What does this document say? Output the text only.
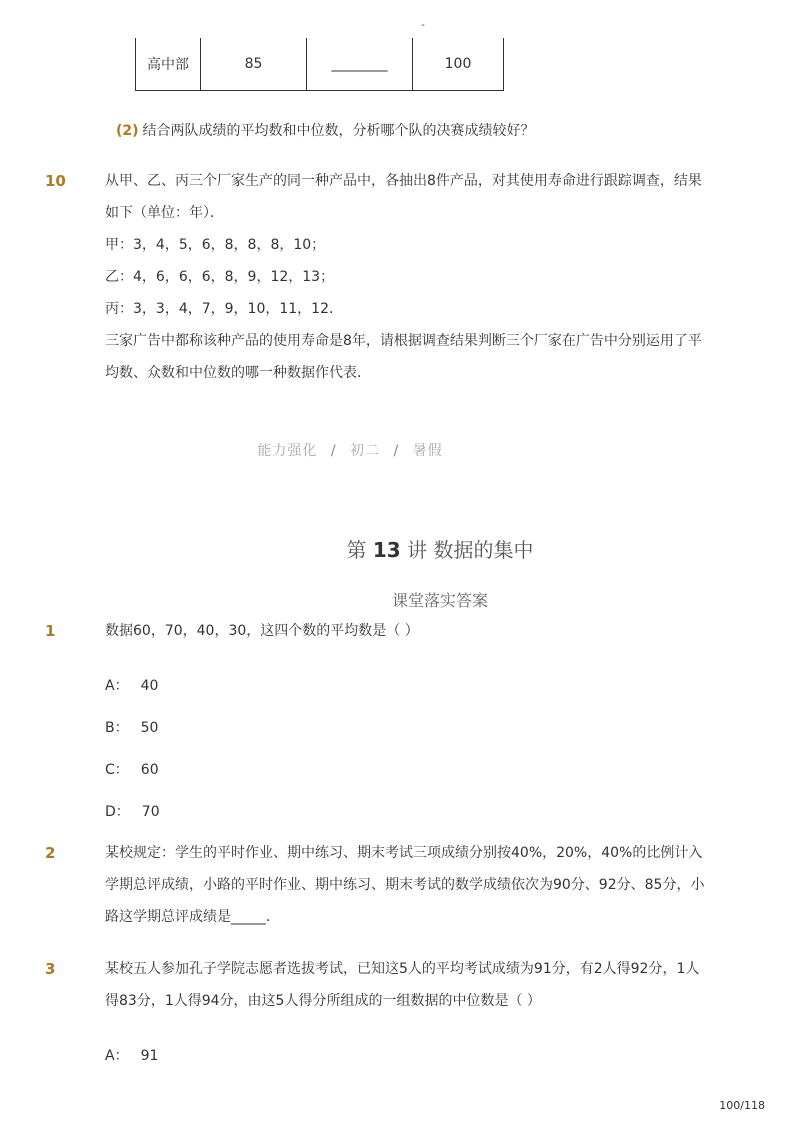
-
高中部	85	________	100
(2) 结合两队成绩的平均数和中位数，分析哪个队的决赛成绩较好？
10	从甲、乙、丙三个厂家生产的同一种产品中，各抽出8件产品，对其使用寿命进行跟踪调查，结果
如下（单位：年）．
甲：3，4，5，6，8，8，8，10；
乙：4，6，6，6，8，9，12，13；
丙：3，3，4，7，9，10，11，12．
三家广告中都称该种产品的使用寿命是8年，请根据调查结果判断三个厂家在广告中分别运用了平
均数、众数和中位数的哪一种数据作代表．
能力强化 / 初二 / 暑假
第 13 讲 数据的集中
课堂落实答案
1	数据60，70，40，30，这四个数的平均数是（ ）
A： 40
B： 50
C： 60
D： 70
2	某校规定：学生的平时作业、期中练习、期末考试三项成绩分别按40%，20%，40%的比例计入
学期总评成绩，小路的平时作业、期中练习、期末考试的数学成绩依次为90分、92分、85分，小
路这学期总评成绩是_____．
3	某校五人参加孔子学院志愿者选拔考试，已知这5人的平均考试成绩为91分，有2人得92分，1人
得83分，1人得94分，由这5人得分所组成的一组数据的中位数是（ ）
A： 91
100/118
